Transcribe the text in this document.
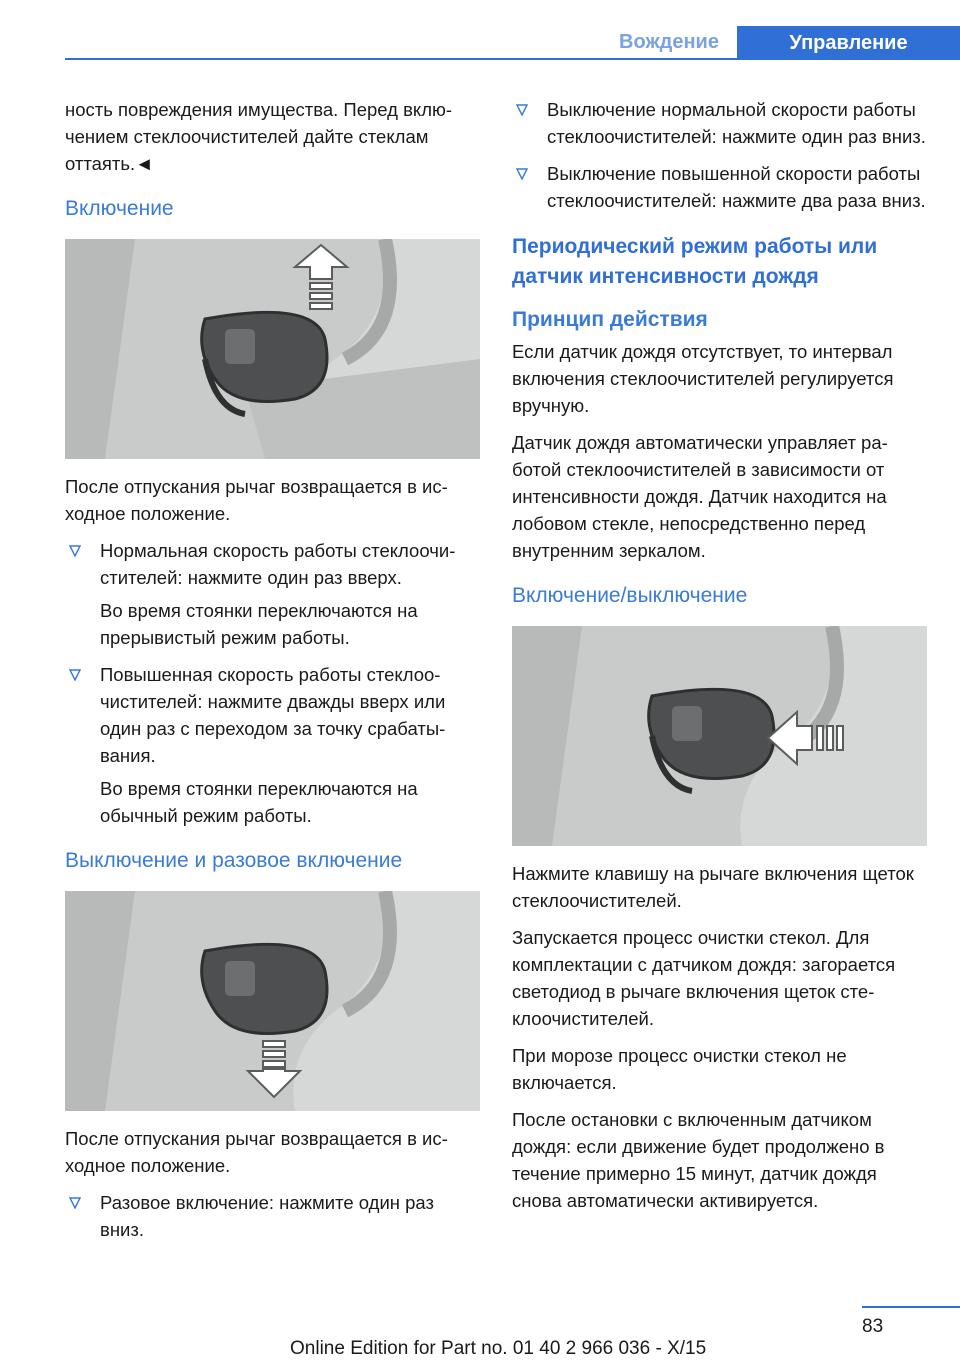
Вождение	Управление

ность повреждения имущества. Перед включением стеклоочистителей дайте стеклам оттаять.◄

Включение

После отпускания рычаг возвращается в исходное положение.

Нормальная скорость работы стеклоочистителей: нажмите один раз вверх.

Во время стоянки переключаются на прерывистый режим работы.

Повышенная скорость работы стеклоочистителей: нажмите дважды вверх или один раз с переходом за точку срабатывания.

Во время стоянки переключаются на обычный режим работы.

Выключение и разовое включение

После отпускания рычаг возвращается в исходное положение.

Разовое включение: нажмите один раз вниз.

Выключение нормальной скорости работы стеклоочистителей: нажмите один раз вниз.

Выключение повышенной скорости работы стеклоочистителей: нажмите два раза вниз.

Периодический режим работы или датчик интенсивности дождя
Принцип действия

Если датчик дождя отсутствует, то интервал включения стеклоочистителей регулируется вручную.

Датчик дождя автоматически управляет работой стеклоочистителей в зависимости от интенсивности дождя. Датчик находится на лобовом стекле, непосредственно перед внутренним зеркалом.

Включение/выключение

Нажмите клавишу на рычаге включения щеток стеклоочистителей.

Запускается процесс очистки стекол. Для комплектации с датчиком дождя: загорается светодиод в рычаге включения щеток стеклоочистителей.

При морозе процесс очистки стекол не включается.

После остановки с включенным датчиком дождя: если движение будет продолжено в течение примерно 15 минут, датчик дождя снова автоматически активируется.

83
Online Edition for Part no. 01 40 2 966 036 - X/15
